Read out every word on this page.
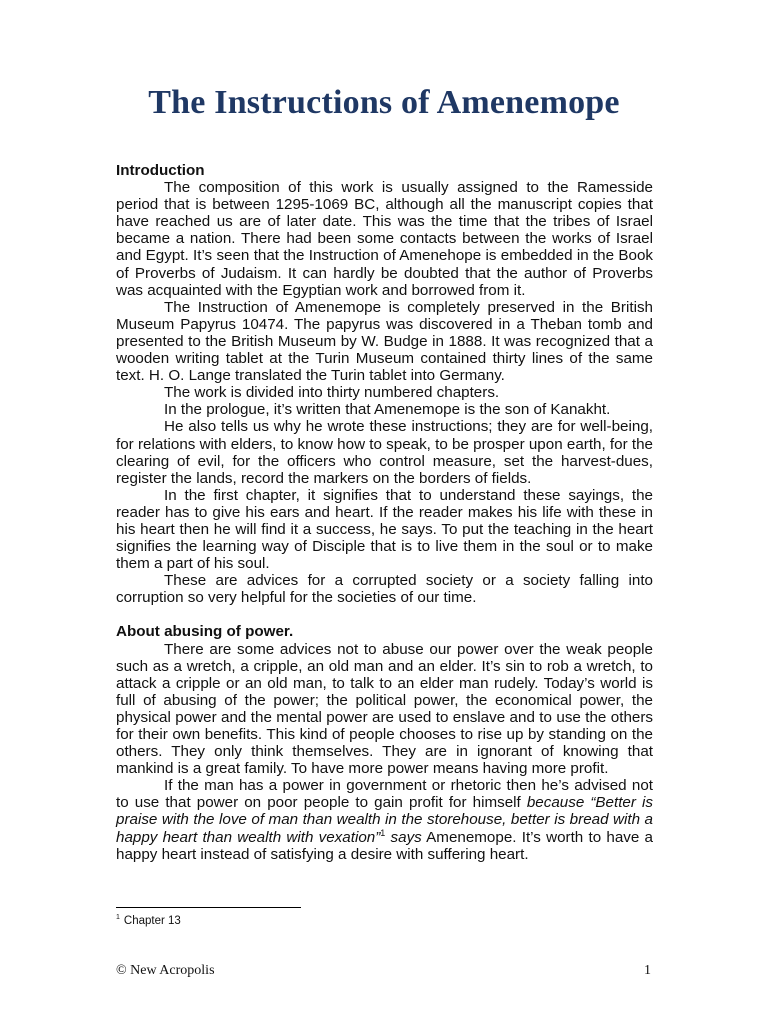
The Instructions of Amenemope

Introduction

The composition of this work is usually assigned to the Ramesside period that is between 1295-1069 BC, although all the manuscript copies that have reached us are of later date. This was the time that the tribes of Israel became a nation. There had been some contacts between the works of Israel and Egypt. It’s seen that the Instruction of Amenehope is embedded in the Book of Proverbs of Judaism. It can hardly be doubted that the author of Proverbs was acquainted with the Egyptian work and borrowed from it.

The Instruction of Amenemope is completely preserved in the British Museum Papyrus 10474. The papyrus was discovered in a Theban tomb and presented to the British Museum by W. Budge in 1888. It was recognized that a wooden writing tablet at the Turin Museum contained thirty lines of the same text. H. O. Lange translated the Turin tablet into Germany.

The work is divided into thirty numbered chapters.

In the prologue, it’s written that Amenemope is the son of Kanakht.

He also tells us why he wrote these instructions; they are for well-being, for relations with elders, to know how to speak, to be prosper upon earth, for the clearing of evil, for the officers who control measure, set the harvest-dues, register the lands, record the markers on the borders of fields.

In the first chapter, it signifies that to understand these sayings, the reader has to give his ears and heart. If the reader makes his life with these in his heart then he will find it a success, he says. To put the teaching in the heart signifies the learning way of Disciple that is to live them in the soul or to make them a part of his soul.

These are advices for a corrupted society or a society falling into corruption so very helpful for the societies of our time.

About abusing of power.

There are some advices not to abuse our power over the weak people such as a wretch, a cripple, an old man and an elder. It’s sin to rob a wretch, to attack a cripple or an old man, to talk to an elder man rudely. Today’s world is full of abusing of the power; the political power, the economical power, the physical power and the mental power are used to enslave and to use the others for their own benefits. This kind of people chooses to rise up by standing on the others. They only think themselves. They are in ignorant of knowing that mankind is a great family. To have more power means having more profit.

If the man has a power in government or rhetoric then he’s advised not to use that power on poor people to gain profit for himself because “Better is praise with the love of man than wealth in the storehouse, better is bread with a happy heart than wealth with vexation”$^1$ says Amenemope. It’s worth to have a happy heart instead of satisfying a desire with suffering heart.

$^1$ Chapter 13
© New Acropolis	1
